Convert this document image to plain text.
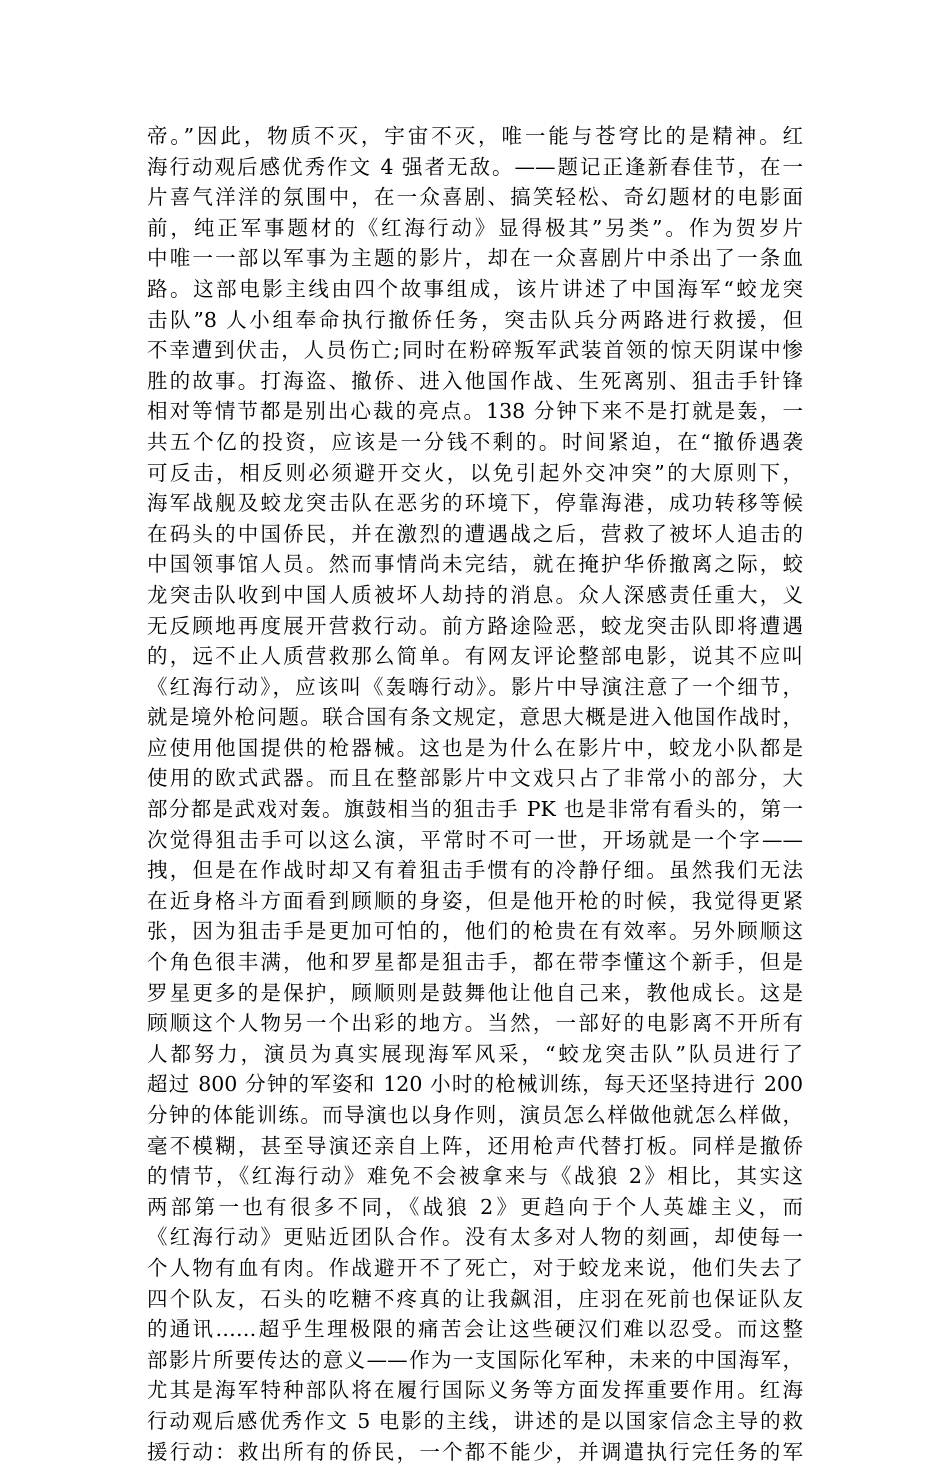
帝。”因此，物质不灭，宇宙不灭，唯一能与苍穹比的是精神。红
海行动观后感优秀作文 4 强者无敌。——题记正逢新春佳节，在一
片喜气洋洋的氛围中，在一众喜剧、搞笑轻松、奇幻题材的电影面
前，纯正军事题材的《红海行动》显得极其”另类”。作为贺岁片
中唯一一部以军事为主题的影片，却在一众喜剧片中杀出了一条血
路。这部电影主线由四个故事组成，该片讲述了中国海军“蛟龙突
击队”8 人小组奉命执行撤侨任务，突击队兵分两路进行救援，但
不幸遭到伏击，人员伤亡;同时在粉碎叛军武装首领的惊天阴谋中惨
胜的故事。打海盗、撤侨、进入他国作战、生死离别、狙击手针锋
相对等情节都是别出心裁的亮点。138 分钟下来不是打就是轰，一
共五个亿的投资，应该是一分钱不剩的。时间紧迫，在“撤侨遇袭
可反击，相反则必须避开交火，以免引起外交冲突”的大原则下，
海军战舰及蛟龙突击队在恶劣的环境下，停靠海港，成功转移等候
在码头的中国侨民，并在激烈的遭遇战之后，营救了被坏人追击的
中国领事馆人员。然而事情尚未完结，就在掩护华侨撤离之际，蛟
龙突击队收到中国人质被坏人劫持的消息。众人深感责任重大，义
无反顾地再度展开营救行动。前方路途险恶，蛟龙突击队即将遭遇
的，远不止人质营救那么简单。有网友评论整部电影，说其不应叫
《红海行动》，应该叫《轰嗨行动》。影片中导演注意了一个细节，
就是境外枪问题。联合国有条文规定，意思大概是进入他国作战时，
应使用他国提供的枪器械。这也是为什么在影片中，蛟龙小队都是
使用的欧式武器。而且在整部影片中文戏只占了非常小的部分，大
部分都是武戏对轰。旗鼓相当的狙击手 PK 也是非常有看头的，第一
次觉得狙击手可以这么演，平常时不可一世，开场就是一个字——
拽，但是在作战时却又有着狙击手惯有的冷静仔细。虽然我们无法
在近身格斗方面看到顾顺的身姿，但是他开枪的时候，我觉得更紧
张，因为狙击手是更加可怕的，他们的枪贵在有效率。另外顾顺这
个角色很丰满，他和罗星都是狙击手，都在带李懂这个新手，但是
罗星更多的是保护，顾顺则是鼓舞他让他自己来，教他成长。这是
顾顺这个人物另一个出彩的地方。当然，一部好的电影离不开所有
人都努力，演员为真实展现海军风采，“蛟龙突击队”队员进行了
超过 800 分钟的军姿和 120 小时的枪械训练，每天还坚持进行 200
分钟的体能训练。而导演也以身作则，演员怎么样做他就怎么样做，
毫不模糊，甚至导演还亲自上阵，还用枪声代替打板。同样是撤侨
的情节，《红海行动》难免不会被拿来与《战狼 2》相比，其实这
两部第一也有很多不同，《战狼 2》更趋向于个人英雄主义，而
《红海行动》更贴近团队合作。没有太多对人物的刻画，却使每一
个人物有血有肉。作战避开不了死亡，对于蛟龙来说，他们失去了
四个队友，石头的吃糖不疼真的让我飙泪，庄羽在死前也保证队友
的通讯……超乎生理极限的痛苦会让这些硬汉们难以忍受。而这整
部影片所要传达的意义——作为一支国际化军种，未来的中国海军，
尤其是海军特种部队将在履行国际义务等方面发挥重要作用。红海
行动观后感优秀作文 5 电影的主线，讲述的是以国家信念主导的救
援行动：救出所有的侨民，一个都不能少，并调遣执行完任务的军
